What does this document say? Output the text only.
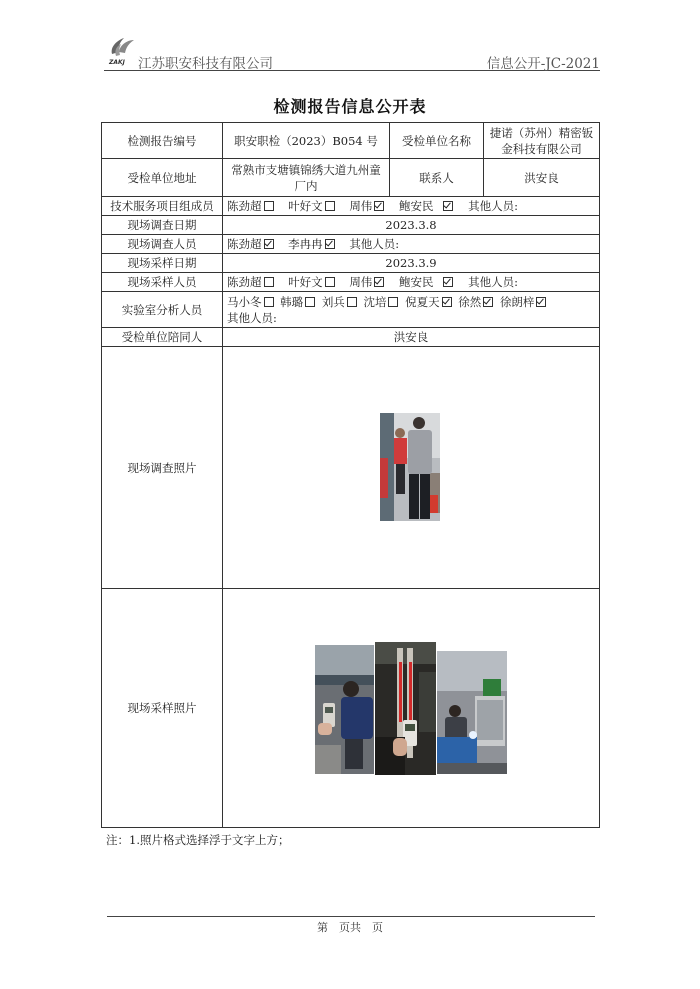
ZAKJ 江苏职安科技有限公司	信息公开-JC-2021
检测报告信息公开表
检测报告编号	职安职检（2023）B054 号	受检单位名称	捷诺（苏州）精密钣金科技有限公司
受检单位地址	常熟市支塘镇锦绣大道九州童厂内	联系人	洪安良
技术服务项目组成员	陈劲超 叶好文 周伟 鲍安民 其他人员:		
现场调查日期	2023.3.8		
现场调查人员	陈劲超 李冉冉 其他人员:		
现场采样日期	2023.3.9		
现场采样人员	陈劲超 叶好文 周伟 鲍安民 其他人员:		
实验室分析人员	马小冬 韩璐 刘兵 沈培 倪夏天 徐然 徐朗梓
其他人员:		
受检单位陪同人	洪安良		
现场调查照片			
现场采样照片			
注：1.照片格式选择浮于文字上方；
第　页共　页
